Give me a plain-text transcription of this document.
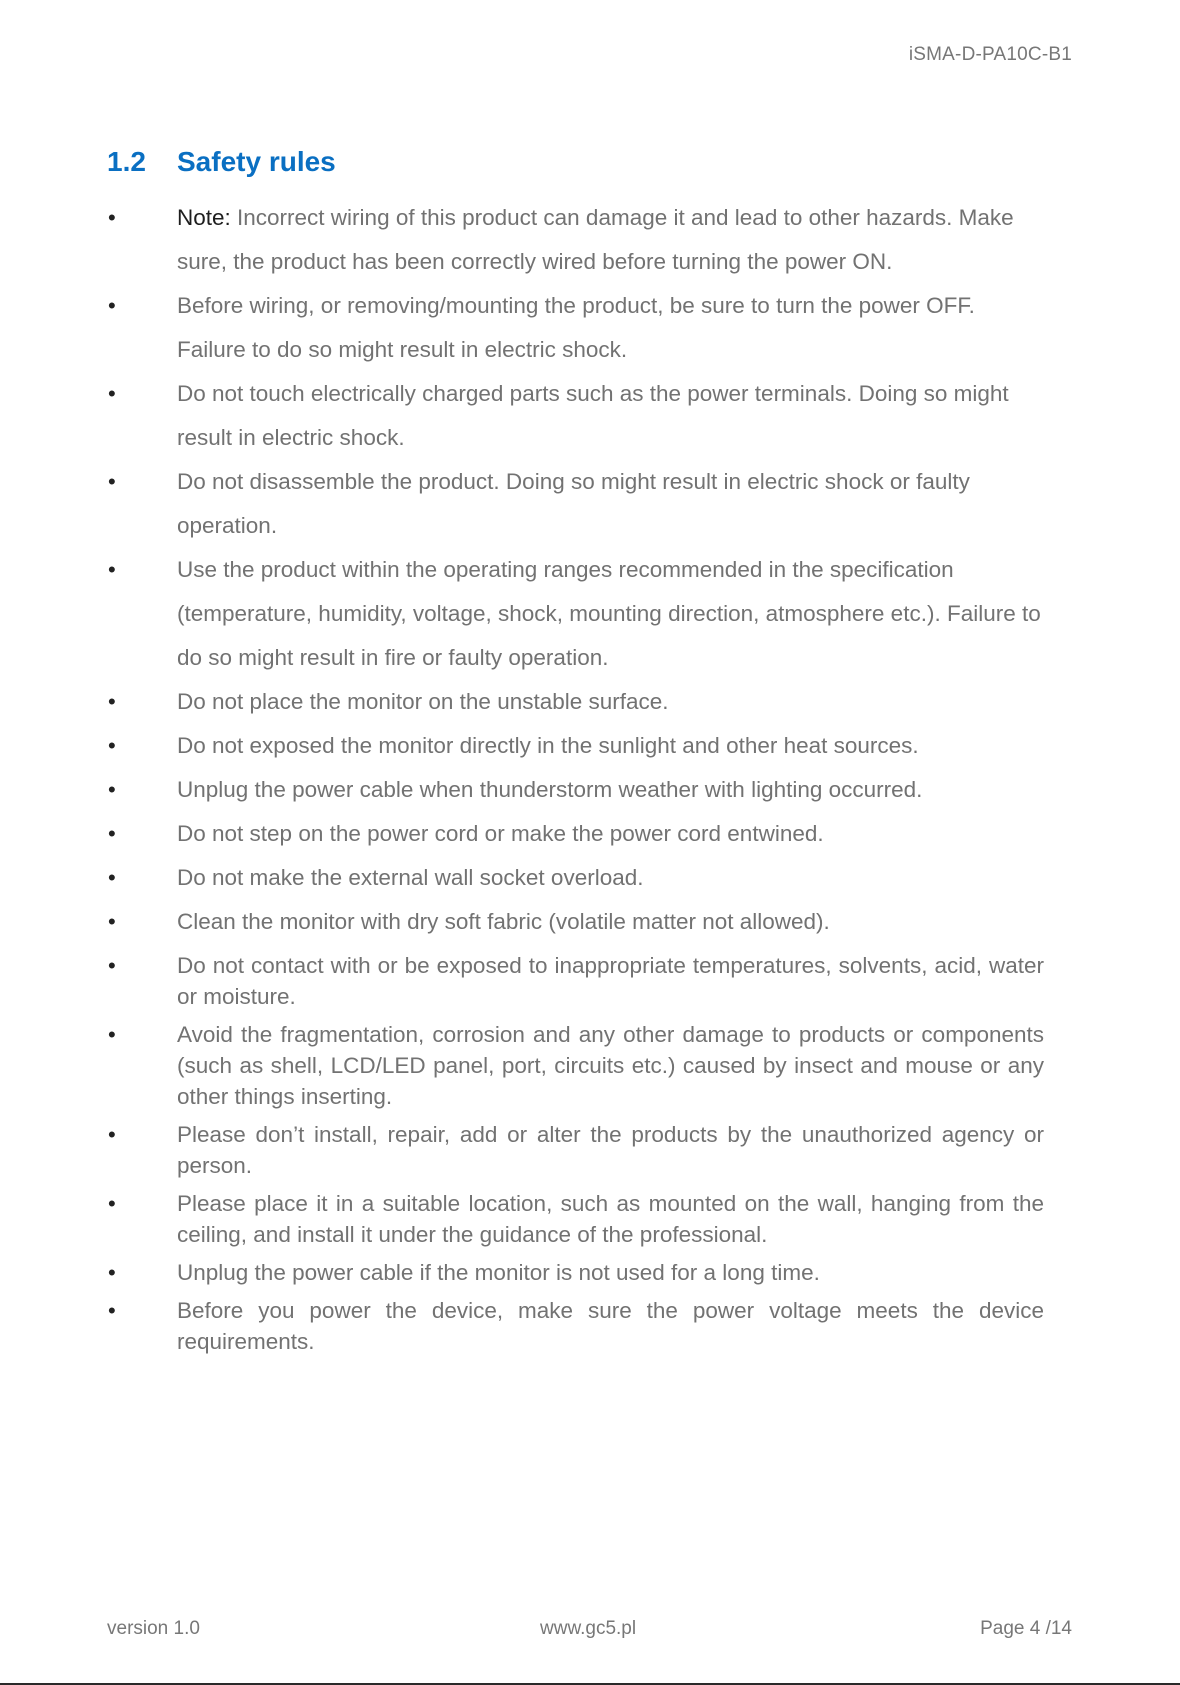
iSMA-D-PA10C-B1
1.2	Safety rules
•	Note: Incorrect wiring of this product can damage it and lead to other hazards. Make sure, the product has been correctly wired before turning the power ON.
•	Before wiring, or removing/mounting the product, be sure to turn the power OFF. Failure to do so might result in electric shock.
•	Do not touch electrically charged parts such as the power terminals. Doing so might result in electric shock.
•	Do not disassemble the product. Doing so might result in electric shock or faulty operation.
•	Use the product within the operating ranges recommended in the specification (temperature, humidity, voltage, shock, mounting direction, atmosphere etc.). Failure to do so might result in fire or faulty operation.
•	Do not place the monitor on the unstable surface.
•	Do not exposed the monitor directly in the sunlight and other heat sources.
•	Unplug the power cable when thunderstorm weather with lighting occurred.
•	Do not step on the power cord or make the power cord entwined.
•	Do not make the external wall socket overload.
•	Clean the monitor with dry soft fabric (volatile matter not allowed).
•	Do not contact with or be exposed to inappropriate temperatures, solvents, acid, water or moisture.
•	Avoid the fragmentation, corrosion and any other damage to products or components (such as shell, LCD/LED panel, port, circuits etc.) caused by insect and mouse or any other things inserting.
•	Please don’t install, repair, add or alter the products by the unauthorized agency or person.
•	Please place it in a suitable location, such as mounted on the wall, hanging from the ceiling, and install it under the guidance of the professional.
•	Unplug the power cable if the monitor is not used for a long time.
•	Before you power the device, make sure the power voltage meets the device requirements.
version 1.0	www.gc5.pl	Page 4 /14
